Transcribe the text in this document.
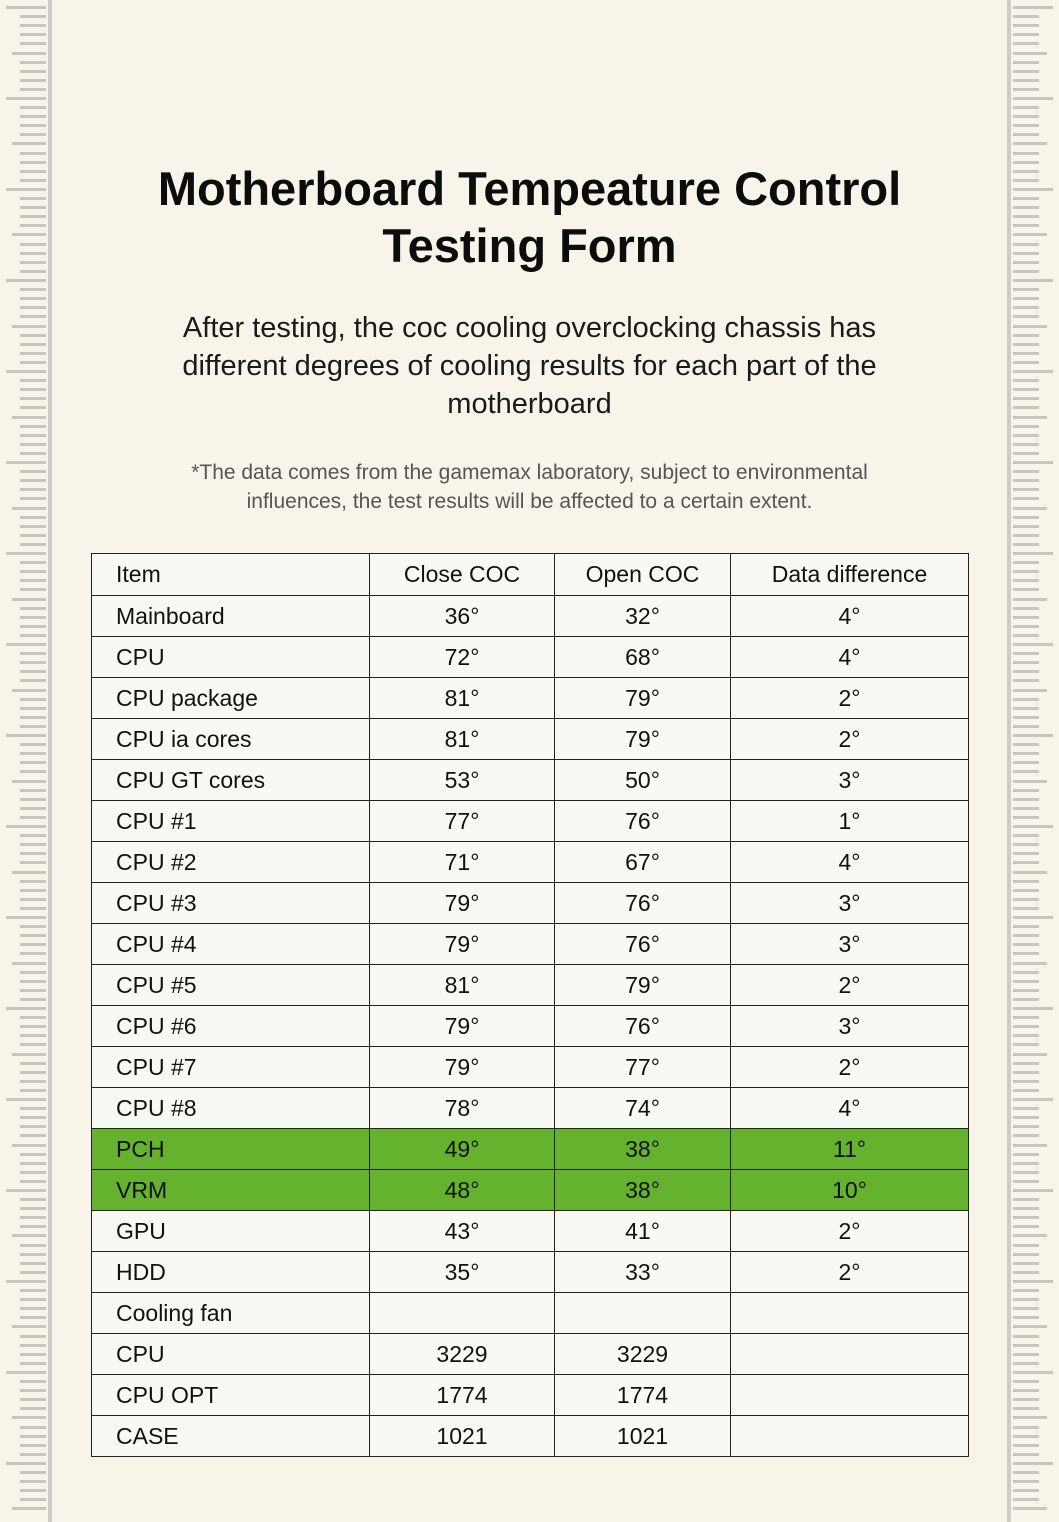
Motherboard Tempeature Control
Testing Form
After testing, the coc cooling overclocking chassis has
different degrees of cooling results for each part of the
motherboard
*The data comes from the gamemax laboratory, subject to environmental
influences, the test results will be affected to a certain extent.
Item	Close COC	Open COC	Data difference
Mainboard	36°	32°	4°
CPU	72°	68°	4°
CPU package	81°	79°	2°
CPU ia cores	81°	79°	2°
CPU GT cores	53°	50°	3°
CPU #1	77°	76°	1°
CPU #2	71°	67°	4°
CPU #3	79°	76°	3°
CPU #4	79°	76°	3°
CPU #5	81°	79°	2°
CPU #6	79°	76°	3°
CPU #7	79°	77°	2°
CPU #8	78°	74°	4°
PCH	49°	38°	11°
VRM	48°	38°	10°
GPU	43°	41°	2°
HDD	35°	33°	2°
Cooling fan			
CPU	3229	3229	
CPU OPT	1774	1774	
CASE	1021	1021	
